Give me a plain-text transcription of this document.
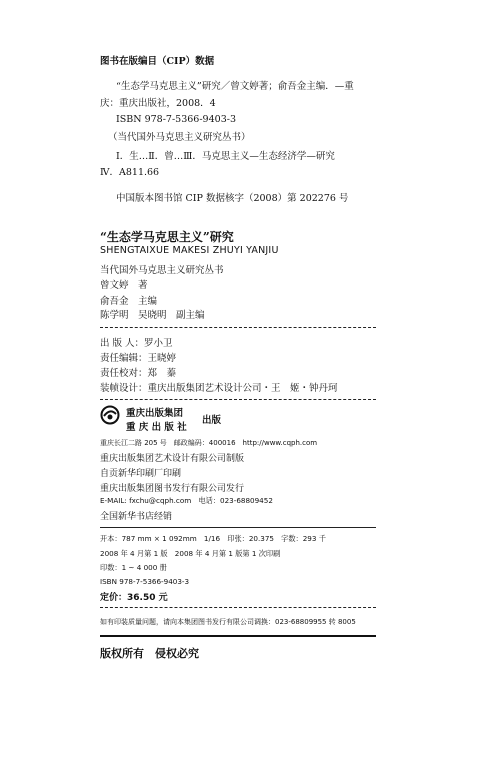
图书在版编目（CIP）数据
“生态学马克思主义”研究／曾文婷著；俞吾金主编．—重
庆：重庆出版社，2008．4
ISBN 978-7-5366-9403-3
（当代国外马克思主义研究丛书）
Ⅰ．生…Ⅱ．曾…Ⅲ．马克思主义—生态经济学—研究
Ⅳ．A811.66
中国版本图书馆 CIP 数据核字（2008）第 202276 号
“生态学马克思主义”研究
SHENGTAIXUE MAKESI ZHUYI YANJIU
当代国外马克思主义研究丛书
曾文婷　著
俞吾金　主编
陈学明　吴晓明　副主编
出 版 人：罗小卫
责任编辑：王晓婷
责任校对：郑　蓁
装帧设计：重庆出版集团艺术设计公司・王　姬・钟丹珂
重庆出版集团
重 庆 出 版 社
出版
重庆长江二路 205 号　邮政编码：400016　http://www.cqph.com
重庆出版集团艺术设计有限公司制版
自贡新华印刷厂印刷
重庆出版集团图书发行有限公司发行
E-MAIL: fxchu@cqph.com　电话：023-68809452
全国新华书店经销
开本：787 mm × 1 092mm　1/16　印张：20.375　字数：293 千
2008 年 4 月第 1 版　2008 年 4 月第 1 版第 1 次印刷
印数：1 ~ 4 000 册
ISBN 978-7-5366-9403-3
定价：36.50 元
如有印装质量问题，请向本集团图书发行有限公司调换：023-68809955 转 8005
版权所有　侵权必究
